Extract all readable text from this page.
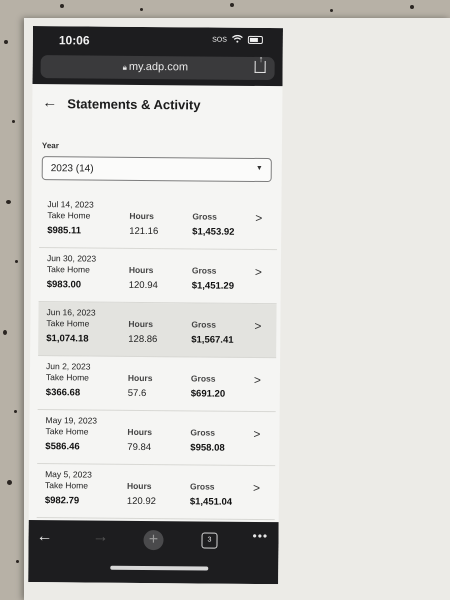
10:06	SOS
🔒︎ my.adp.com
↑
← Statements & Activity
Year
2023 (14)	▼
Jul 14, 2023
Take Home
$985.11
Hours
121.16
Gross
$1,453.92
>
Jun 30, 2023
Take Home
$983.00
Hours
120.94
Gross
$1,451.29
>
Jun 16, 2023
Take Home
$1,074.18
Hours
128.86
Gross
$1,567.41
>
Jun 2, 2023
Take Home
$366.68
Hours
57.6
Gross
$691.20
>
May 19, 2023
Take Home
$586.46
Hours
79.84
Gross
$958.08
>
May 5, 2023
Take Home
$982.79
Hours
120.92
Gross
$1,451.04
>
← →	+	3	•••
